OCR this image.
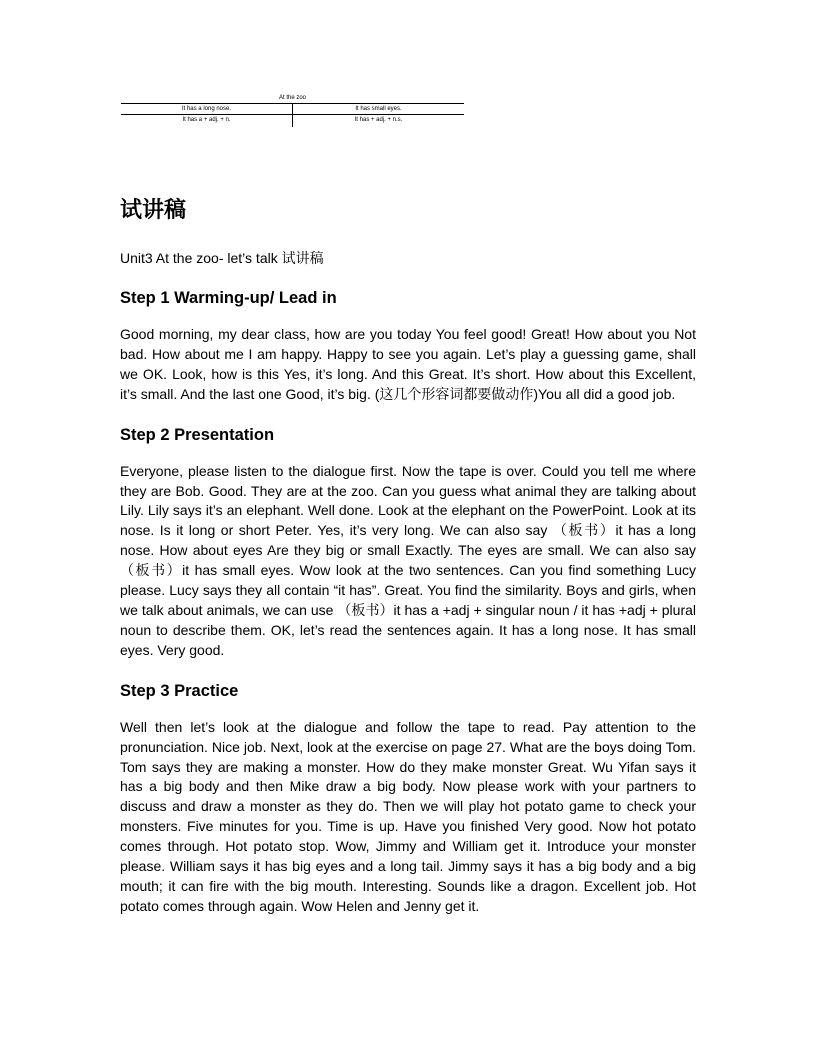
At the zoo
It has a long nose.	It has small eyes.
It has a + adj. + n.	It has + adj. + n.s.
试讲稿

Unit3 At the zoo- let’s talk 试讲稿

Step 1 Warming-up/ Lead in

Good morning, my dear class, how are you today You feel good! Great! How about you Not bad. How about me I am happy. Happy to see you again. Let’s play a guessing game, shall we OK. Look, how is this Yes, it’s long. And this Great. It’s short. How about this Excellent, it’s small. And the last one Good, it’s big. (这几个形容词都要做动作)You all did a good job.

Step 2 Presentation

Everyone, please listen to the dialogue first. Now the tape is over. Could you tell me where they are Bob. Good. They are at the zoo. Can you guess what animal they are talking about Lily. Lily says it’s an elephant. Well done. Look at the elephant on the PowerPoint. Look at its nose. Is it long or short Peter. Yes, it’s very long. We can also say （板书）it has a long nose. How about eyes Are they big or small Exactly. The eyes are small. We can also say （板书）it has small eyes. Wow look at the two sentences. Can you find something Lucy please. Lucy says they all contain “it has”. Great. You find the similarity. Boys and girls, when we talk about animals, we can use （板书）it has a +adj + singular noun / it has +adj + plural noun to describe them. OK, let’s read the sentences again. It has a long nose. It has small eyes. Very good.

Step 3 Practice

Well then let’s look at the dialogue and follow the tape to read. Pay attention to the pronunciation. Nice job. Next, look at the exercise on page 27. What are the boys doing Tom. Tom says they are making a monster. How do they make monster Great. Wu Yifan says it has a big body and then Mike draw a big body. Now please work with your partners to discuss and draw a monster as they do. Then we will play hot potato game to check your monsters. Five minutes for you. Time is up. Have you finished Very good. Now hot potato comes through. Hot potato stop. Wow, Jimmy and William get it. Introduce your monster please. William says it has big eyes and a long tail. Jimmy says it has a big body and a big mouth; it can fire with the big mouth. Interesting. Sounds like a dragon. Excellent job. Hot potato comes through again. Wow Helen and Jenny get it.
